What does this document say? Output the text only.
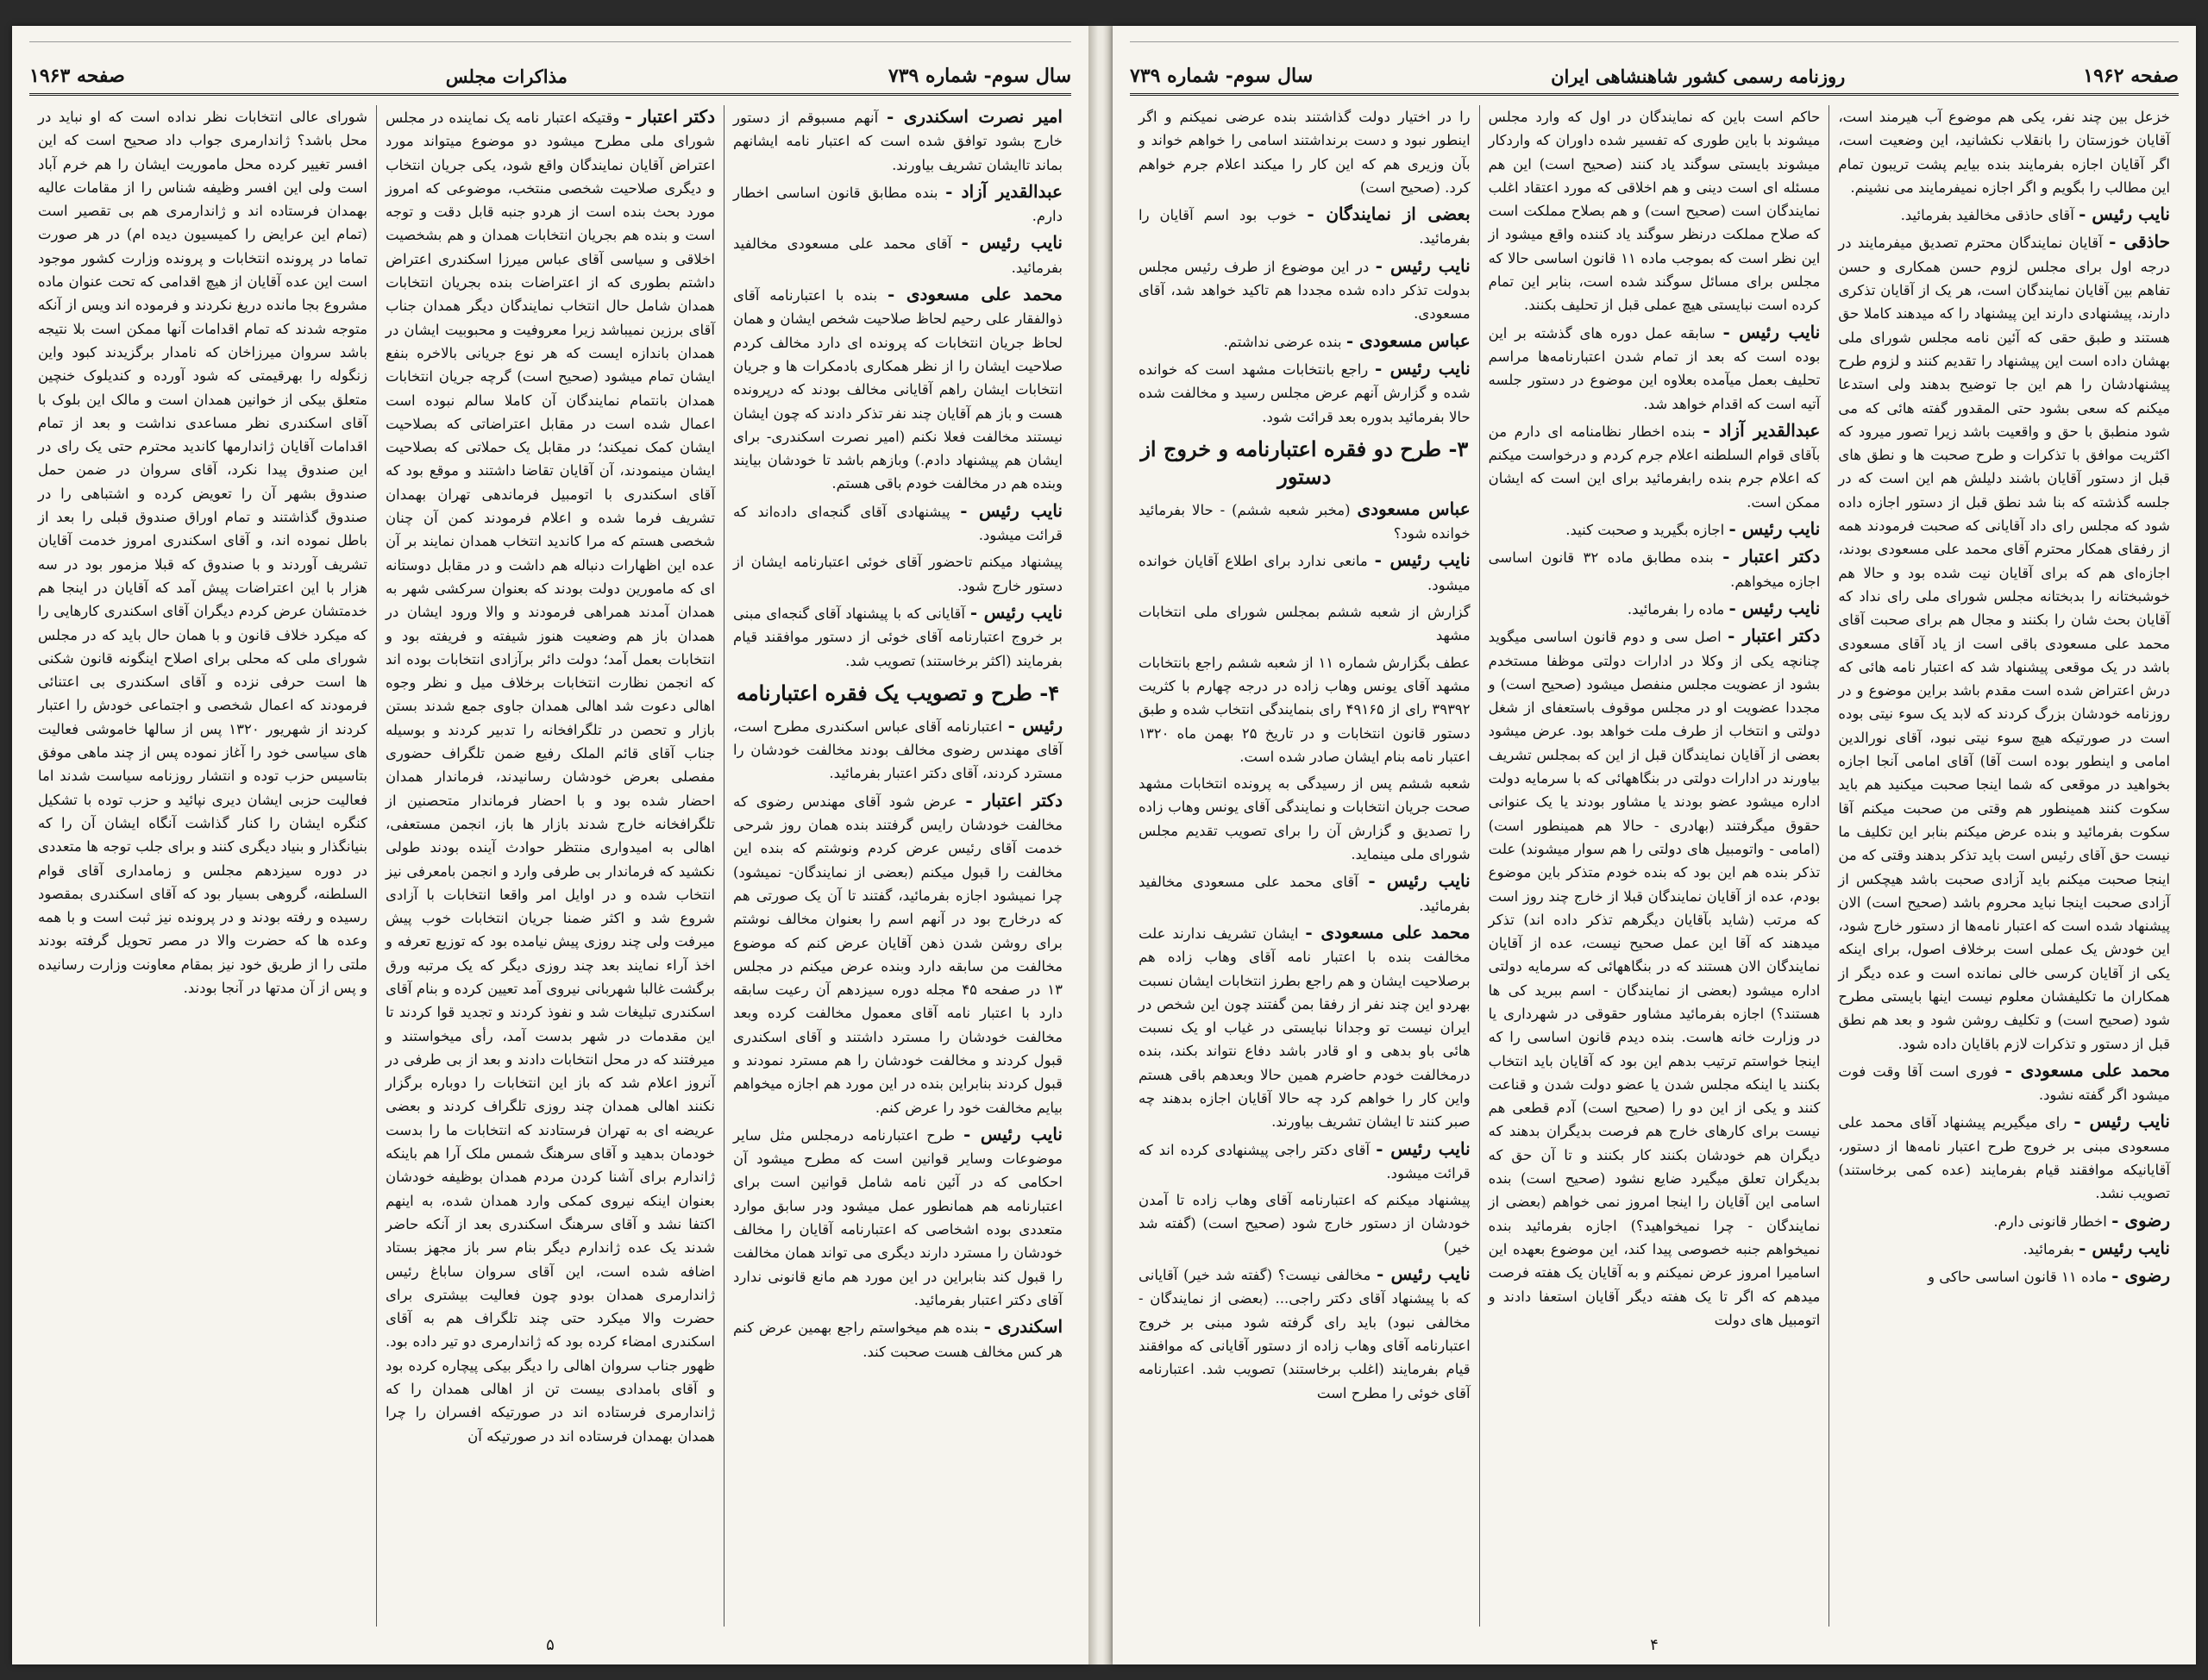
سال سوم- شماره ۷۳۹
مذاکرات مجلس
صفحه ۱۹۶۳

امیر نصرت اسکندری - آنهم مسبوقم از دستور خارج بشود توافق شده است که اعتبار نامه ایشانهم بماند تاایشان تشریف بیاورند.

عبدالقدیر آزاد - بنده مطابق قانون اساسی اخطار دارم.

نایب رئیس - آقای محمد علی مسعودی مخالفید بفرمائید.

محمد علی مسعودی - بنده با اعتبارنامه آقای ذوالفقار علی رحیم لحاظ صلاحیت شخص ایشان و همان لحاظ جریان انتخابات که پرونده ای دارد مخالف کردم صلاحیت ایشان را از نظر همکاری بادمکرات ها و جریان انتخابات ایشان راهم آقایانی مخالف بودند که درپرونده هست و باز هم آقایان چند نفر تذکر دادند که چون ایشان نیستند مخالفت فعلا نکنم (امیر نصرت اسکندری- برای ایشان هم پیشنهاد دادم.) وبازهم باشد تا خودشان بیایند وبنده هم در مخالفت خودم باقی هستم.

نایب رئیس - پیشنهادی آقای گنجه‌ای داده‌اند که قرائت میشود.

پیشنهاد میکنم تاحضور آقای خوئی اعتبارنامه ایشان از دستور خارج شود.

نایب رئیس - آقایانی که با پیشنهاد آقای گنجه‌ای مبنی بر خروج اعتبارنامه آقای خوئی از دستور موافقند قیام بفرمایند (اکثر برخاستند) تصویب شد.

۴- طرح و تصویب یک فقره اعتبارنامه

رئیس - اعتبارنامه آقای عباس اسکندری مطرح است، آقای مهندس رضوی مخالف بودند مخالفت خودشان را مسترد کردند، آقای دکتر اعتبار بفرمائید.

دکتر اعتبار - عرض شود آقای مهندس رضوی که مخالفت خودشان رایس گرفتند بنده همان روز شرحی خدمت آقای رئیس عرض کردم ونوشتم که بنده این مخالفت را قبول میکنم (بعضی از نمایندگان- نمیشود) چرا نمیشود اجازه بفرمائید، گفتند تا آن یک صورتی هم که درخارج بود در آنهم اسم را بعنوان مخالف نوشتم برای روشن شدن ذهن آقایان عرض کنم که موضوع مخالفت من سابقه دارد وبنده عرض میکنم در مجلس ۱۳ در صفحه ۴۵ مجله دوره سیزدهم آن رعیت سابقه دارد با اعتبار نامه آقای معمول مخالفت کرده وبعد مخالفت خودشان را مسترد داشتند و آقای اسکندری قبول کردند و مخالفت خودشان را هم مسترد نمودند و قبول کردند بنابراین بنده در این مورد هم اجازه میخواهم بیایم مخالفت خود را عرض کنم.

نایب رئیس - طرح اعتبارنامه درمجلس مثل سایر موضوعات وسایر قوانین است که مطرح میشود آن احکامی که در آئین نامه شامل قوانین است برای اعتبارنامه هم همانطور عمل میشود ودر سابق موارد متعددی بوده اشخاصی که اعتبارنامه آقایان را مخالف خودشان را مسترد دارند دیگری می تواند همان مخالفت را قبول کند بنابراین در این مورد هم مانع قانونی ندارد آقای دکتر اعتبار بفرمائید.

اسکندری - بنده هم میخواستم راجع بهمین عرض کنم هر کس مخالف هست صحبت کند.

دکتر اعتبار - وقتیکه اعتبار نامه یک نماینده در مجلس شورای ملی مطرح میشود دو موضوع میتواند مورد اعتراض آقایان نمایندگان واقع شود، یکی جریان انتخاب و دیگری صلاحیت شخصی منتخب، موضوعی که امروز مورد بحث بنده است از هردو جنبه قابل دقت و توجه است و بنده هم بجریان انتخابات همدان و هم بشخصیت اخلاقی و سیاسی آقای عباس میرزا اسکندری اعتراض داشتم بطوری که از اعتراضات بنده بجریان انتخابات همدان شامل حال انتخاب نمایندگان دیگر همدان جناب آقای برزین نمیباشد زیرا معروفیت و محبوبیت ایشان در همدان باندازه ایست که هر نوع جریانی بالاخره بنفع ایشان تمام میشود (صحیح است) گرچه جریان انتخابات همدان بانتمام نمایندگان آن کاملا سالم نبوده است اعمال شده است در مقابل اعتراضاتی که بصلاحیت ایشان کمک نمیکند؛ در مقابل یک حملاتی که بصلاحیت ایشان مینمودند، آن آقایان تقاضا داشتند و موقع بود که آقای اسکندری با اتومبیل فرماندهی تهران بهمدان تشریف فرما شده و اعلام فرمودند کمن آن چنان شخصی هستم که مرا کاندید انتخاب همدان نمایند بر آن عده این اظهارات دنباله هم داشت و در مقابل دوستانه ای که مامورین دولت بودند که بعنوان سرکشی شهر به همدان آمدند همراهی فرمودند و والا ورود ایشان در همدان باز هم وضعیت هنوز شیفته و فریفته بود و انتخابات بعمل آمد؛ دولت دائر برآزادی انتخابات بوده اند که انجمن نظارت انتخابات برخلاف میل و نظر وجوه اهالی دعوت شد اهالی همدان جاوی جمع شدند بستن بازار و تحصن در تلگرافخانه را تدبیر کردند و بوسیله جناب آقای قائم الملک رفیع ضمن تلگراف حضوری مفصلی بعرض خودشان رسانیدند، فرماندار همدان احضار شده بود و با احضار فرماندار متحصنین از تلگرافخانه خارج شدند بازار ها باز، انجمن مستعفی، اهالی به امیدواری منتظر حوادث آینده بودند طولی نکشید که فرماندار بی طرفی وارد و انجمن بامعرفی نیز انتخاب شده و در اوایل امر واقعا انتخابات با آزادی شروع شد و اکثر ضمنا جریان انتخابات خوب پیش میرفت ولی چند روزی پیش نیامده بود که توزیع تعرفه و اخذ آراء نمایند بعد چند روزی دیگر که یک مرتبه ورق برگشت غالبا شهربانی نیروی آمد تعیین کرده و بنام آقای اسکندری تبلیغات شد و نفوذ کردند و تجدید قوا کردند تا این مقدمات در شهر بدست آمد، رأی میخواستند و میرفتند که در محل انتخابات دادند و بعد از بی طرفی در آنروز اعلام شد که باز این انتخابات را دوباره برگزار نکنند اهالی همدان چند روزی تلگراف کردند و بعضی عریضه ای به تهران فرستادند که انتخابات ما را بدست خودمان بدهید و آقای سرهنگ شمس ملک آرا هم باینکه ژاندارم برای آشنا کردن مردم همدان بوظیفه خودشان بعنوان اینکه نیروی کمکی وارد همدان شده، به اینهم اکتفا نشد و آقای سرهنگ اسکندری بعد از آنکه حاضر شدند یک عده ژاندارم دیگر بنام سر باز مجهز بستاد اضافه شده است، این آقای سروان ساباغ رئیس ژاندارمری همدان بودو چون فعالیت بیشتری برای حضرت والا میکرد حتی چند تلگراف هم به آقای اسکندری امضاء کرده بود که ژاندارمری دو تیر داده بود. ظهور جناب سروان اهالی را دیگر بیکی پیچاره کرده بود و آقای بامدادی بیست تن از اهالی همدان را که ژاندارمری فرستاده اند در صورتیکه افسران را چرا همدان بهمدان فرستاده اند در صورتیکه آن

شورای عالی انتخابات نظر نداده است که او نباید در محل باشد؟ ژاندارمری جواب داد صحیح است که این افسر تغییر کرده محل ماموریت ایشان را هم خرم آباد است ولی این افسر وظیفه شناس را از مقامات عالیه بهمدان فرستاده اند و ژاندارمری هم بی تقصیر است (تمام این عرایض را کمیسیون دیده ام) در هر صورت تماما در پرونده انتخابات و پرونده وزارت کشور موجود است این عده آقایان از هیچ اقدامی که تحت عنوان ماده مشروع بجا مانده دریغ نکردند و فرموده اند ویس از آنکه متوجه شدند که تمام اقدامات آنها ممکن است بلا نتیجه باشد سروان میرزاخان که نامدار برگزیدند کبود واین زنگوله را بهرقیمتی که شود آورده و کندیلوک خنچین متعلق بیکی از خوانین همدان است و مالک این بلوک با آقای اسکندری نظر مساعدی نداشت و بعد از تمام اقدامات آقایان ژاندارمها کاندید محترم حتی یک رای در این صندوق پیدا نکرد، آقای سروان در ضمن حمل صندوق بشهر آن را تعویض کرده و اشتباهی را در صندوق گذاشتند و تمام اوراق صندوق قبلی را بعد از باطل نموده اند، و آقای اسکندری امروز خدمت آقایان تشریف آوردند و با صندوق که قبلا مزمور بود در سه هزار با این اعتراضات پیش آمد که آقایان در اینجا هم خدمتشان عرض کردم دیگران آقای اسکندری کارهایی را که میکرد خلاف قانون و با همان حال باید که در مجلس شورای ملی که محلی برای اصلاح اینگونه قانون شکنی ها است حرفی نزده و آقای اسکندری بی اعتنائی فرمودند که اعمال شخصی و اجتماعی خودش را اعتبار کردند از شهریور ۱۳۲۰ پس از سالها خاموشی فعالیت های سیاسی خود را آغاز نموده پس از چند ماهی موفق بتاسیس حزب توده و انتشار روزنامه سیاست شدند اما فعالیت حزبی ایشان دیری نپائید و حزب توده با تشکیل کنگره ایشان را کنار گذاشت آنگاه ایشان آن را که بنیانگذار و بنیاد دیگری کنند و برای جلب توجه ها متعددی در دوره سیزدهم مجلس و زمامداری آقای قوام السلطنه، گروهی بسیار بود که آقای اسکندری بمقصود رسیده و رفته بودند و در پرونده نیز ثبت است و با همه وعده ها که حضرت والا در مصر تحویل گرفته بودند ملتی را از طریق خود نیز بمقام معاونت وزارت رسانیده و پس از آن مدتها در آنجا بودند.

۵
صفحه ۱۹۶۲
روزنامه رسمی کشور شاهنشاهی ایران
سال سوم- شماره ۷۳۹

خزعل بین چند نفر، یکی هم موضوع آب هیرمند است، آقایان خوزستان را بانقلاب نکشانید، این وضعیت است، اگر آقایان اجازه بفرمایند بنده بیایم پشت تریبون تمام این مطالب را بگویم و اگر اجازه نمیفرمایند می نشینم.

نایب رئیس - آقای حاذقی مخالفید بفرمائید.

حاذقی - آقایان نمایندگان محترم تصدیق میفرمایند در درجه اول برای مجلس لزوم حسن همکاری و حسن تفاهم بین آقایان نمایندگان است، هر یک از آقایان تذکری دارند، پیشنهادی دارند این پیشنهاد را که میدهند کاملا حق هستند و طبق حقی که آئین نامه مجلس شورای ملی بهشان داده است این پیشنهاد را تقدیم کنند و لزوم طرح پیشنهادشان را هم این جا توضیح بدهند ولی استدعا میکنم که سعی بشود حتی المقدور گفته هائی که می شود منطبق با حق و واقعیت باشد زیرا تصور میرود که اکثریت موافق با تذکرات و طرح صحبت ها و نطق های قبل از دستور آقایان باشند دلیلش هم این است که در جلسه گذشته که بنا شد نطق قبل از دستور اجازه داده شود که مجلس رای داد آقایانی که صحبت فرمودند همه از رفقای همکار محترم آقای محمد علی مسعودی بودند، اجازه‌ای هم که برای آقایان نیت شده بود و حالا هم خوشبختانه را بدبختانه مجلس شورای ملی رای نداد که آقایان بحث شان را بکنند و مجال هم برای صحبت آقای محمد علی مسعودی باقی است از یاد آقای مسعودی باشد در یک موقعی پیشنهاد شد که اعتبار نامه هائی که درش اعتراض شده است مقدم باشد براین موضوع و در روزنامه خودشان بزرگ کردند که لابد یک سوء نیتی بوده است در صورتیکه هیچ سوء نیتی نبود، آقای نورالدین امامی و اینطور بوده است آقا) آقای امامی آنجا اجازه بخواهید در موقعی که شما اینجا صحبت میکنید هم باید سکوت کنند همینطور هم وقتی من صحبت میکنم آقا سکوت بفرمائید و بنده عرض میکنم بنابر این تکلیف ما نیست حق آقای رئیس است باید تذکر بدهند وقتی که من اینجا صحبت میکنم باید آزادی صحبت باشد هیچکس از آزادی صحبت اینجا نباید محروم باشد (صحیح است) الان پیشنهاد شده است که اعتبار نامه‌ها از دستور خارج شود، این خودش یک عملی است برخلاف اصول، برای اینکه یکی از آقایان کرسی خالی نمانده است و عده دیگر از همکاران ما تکلیفشان معلوم نیست اینها بایستی مطرح شود (صحیح است) و تکلیف روشن شود و بعد هم نطق قبل از دستور و تذکرات لازم باقایان داده شود.

محمد علی مسعودی - فوری است آقا وقت فوت میشود اگر گفته نشود.

نایب رئیس - رای میگیریم پیشنهاد آقای محمد علی مسعودی مبنی بر خروج طرح اعتبار نامه‌ها از دستور، آقایانیکه موافقند قیام بفرمایند (عده کمی برخاستند) تصویب نشد.

رضوی - اخطار قانونی دارم.

نایب رئیس - بفرمائید.

رضوی - ماده ۱۱ قانون اساسی حاکی و

حاکم است باین که نمایندگان در اول که وارد مجلس میشوند با باین طوری که تفسیر شده داوران که واردکار میشوند بایستی سوگند یاد کنند (صحیح است) این هم مسئله ای است دینی و هم اخلاقی که مورد اعتقاد اغلب نمایندگان است (صحیح است) و هم بصلاح مملکت است که صلاح مملکت درنظر سوگند یاد کننده واقع میشود از این نظر است که بموجب ماده ۱۱ قانون اساسی حالا که مجلس برای مسائل سوگند شده است، بنابر این تمام کرده است نبایستی هیچ عملی قبل از تحلیف بکنند.

نایب رئیس - سابقه عمل دوره های گذشته بر این بوده است که بعد از تمام شدن اعتبارنامه‌ها مراسم تحلیف بعمل میآمده بعلاوه این موضوع در دستور جلسه آتیه است که اقدام خواهد شد.

عبدالقدیر آزاد - بنده اخطار نظامنامه ای دارم من بآقای قوام السلطنه اعلام جرم کردم و درخواست میکنم که اعلام جرم بنده رابفرمائید برای این است که ایشان ممکن است.

نایب رئیس - اجازه بگیرید و صحبت کنید.

دکتر اعتبار - بنده مطابق ماده ۳۲ قانون اساسی اجازه میخواهم.

نایب رئیس - ماده را بفرمائید.

دکتر اعتبار - اصل سی و دوم قانون اساسی میگوید چنانچه یکی از وکلا در ادارات دولتی موظفا مستخدم بشود از عضویت مجلس منفصل میشود (صحیح است) و مجددا عضویت او در مجلس موقوف باستعفای از شغل دولتی و انتخاب از طرف ملت خواهد بود. عرض میشود بعضی از آقایان نمایندگان قبل از این که بمجلس تشریف بیاورند در ادارات دولتی در بنگاههائی که با سرمایه دولت اداره میشود عضو بودند یا مشاور بودند یا یک عنوانی حقوق میگرفتند (بهادری - حالا هم همینطور است) (امامی - واتومبیل های دولتی را هم سوار میشوند) علت تذکر بنده هم این بود که بنده خودم متذکر باین موضوع بودم، عده از آقایان نمایندگان قبلا از خارج چند روز است که مرتب (شاید بآقایان دیگرهم تذکر داده اند) تذکر میدهند که آقا این عمل صحیح نیست، عده از آقایان نمایندگان الان هستند که در بنگاههائی که سرمایه دولتی اداره میشود (بعضی از نمایندگان - اسم ببرید کی ها هستند؟) اجازه بفرمائید مشاور حقوقی در شهرداری یا در وزارت خانه هاست. بنده دیدم قانون اساسی را که اینجا خواستم ترتیب بدهم این بود که آقایان باید انتخاب بکنند یا اینکه مجلس شدن یا عضو دولت شدن و قناعت کنند و یکی از این دو را (صحیح است) آدم قطعی هم نیست برای کارهای خارج هم فرصت بدیگران بدهند که دیگران هم خودشان بکنند کار بکنند و تا آن حق که بدیگران تعلق میگیرد ضایع نشود (صحیح است) بنده اسامی این آقایان را اینجا امروز نمی خواهم (بعضی از نمایندگان - چرا نمیخواهید؟) اجازه بفرمائید بنده نمیخواهم جنبه خصوصی پیدا کند، این موضوع بعهده این اسامیرا امروز عرض نمیکنم و به آقایان یک هفته فرصت میدهم که اگر تا یک هفته دیگر آقایان استعفا دادند و اتومبیل های دولت

را در اختیار دولت گذاشتند بنده عرضی نمیکنم و اگر اینطور نبود و دست برنداشتند اسامی را خواهم خواند و بآن وزیری هم که این کار را میکند اعلام جرم خواهم کرد. (صحیح است)

بعضی از نمایندگان - خوب بود اسم آقایان را بفرمائید.

نایب رئیس - در این موضوع از طرف رئیس مجلس بدولت تذکر داده شده مجددا هم تاکید خواهد شد، آقای مسعودی.

عباس مسعودی - بنده عرضی نداشتم.

نایب رئیس - راجع بانتخابات مشهد است که خوانده شده و گزارش آنهم عرض مجلس رسید و مخالفت شده حالا بفرمائید بدوره بعد قرائت شود.

۳- طرح دو فقره اعتبارنامه و خروج از دستور

عباس مسعودی (مخبر شعبه ششم) - حالا بفرمائید خوانده شود؟

نایب رئیس - مانعی ندارد برای اطلاع آقایان خوانده میشود.

گزارش از شعبه ششم بمجلس شورای ملی انتخابات مشهد

عطف بگزارش شماره ۱۱ از شعبه ششم راجع بانتخابات مشهد آقای یونس وهاب زاده در درجه چهارم با کثریت ۳۹۳۹۲ رای از ۴۹۱۶۵ رای بنمایندگی انتخاب شده و طبق دستور قانون انتخابات و در تاریخ ۲۵ بهمن ماه ۱۳۲۰ اعتبار نامه بنام ایشان صادر شده است.

شعبه ششم پس از رسیدگی به پرونده انتخابات مشهد صحت جریان انتخابات و نمایندگی آقای یونس وهاب زاده را تصدیق و گزارش آن را برای تصویب تقدیم مجلس شورای ملی مینماید.

نایب رئیس - آقای محمد علی مسعودی مخالفید بفرمائید.

محمد علی مسعودی - ایشان تشریف ندارند علت مخالفت بنده با اعتبار نامه آقای وهاب زاده هم برصلاحیت ایشان و هم راجع بطرز انتخابات ایشان نسبت بهردو این چند نفر از رفقا بمن گفتند چون این شخص در ایران نیست تو وجدانا نبایستی در غیاب او یک نسبت هائی باو بدهی و او قادر باشد دفاع نتواند بکند، بنده درمخالفت خودم حاضرم همین حالا وبعدهم باقی هستم واین کار را خواهم کرد چه حالا آقایان اجازه بدهند چه صبر کنند تا ایشان تشریف بیاورند.

نایب رئیس - آقای دکتر راجی پیشنهادی کرده اند که قرائت میشود.

پیشنهاد میکنم که اعتبارنامه آقای وهاب زاده تا آمدن خودشان از دستور خارج شود (صحیح است) (گفته شد خیر)

نایب رئیس - مخالفی نیست؟ (گفته شد خیر) آقایانی که با پیشنهاد آقای دکتر راجی... (بعضی از نمایندگان - مخالفی نبود) باید رای گرفته شود مبنی بر خروج اعتبارنامه آقای وهاب زاده از دستور آقایانی که موافقند قیام بفرمایند (اغلب برخاستند) تصویب شد. اعتبارنامه آقای خوئی را مطرح است

۴
